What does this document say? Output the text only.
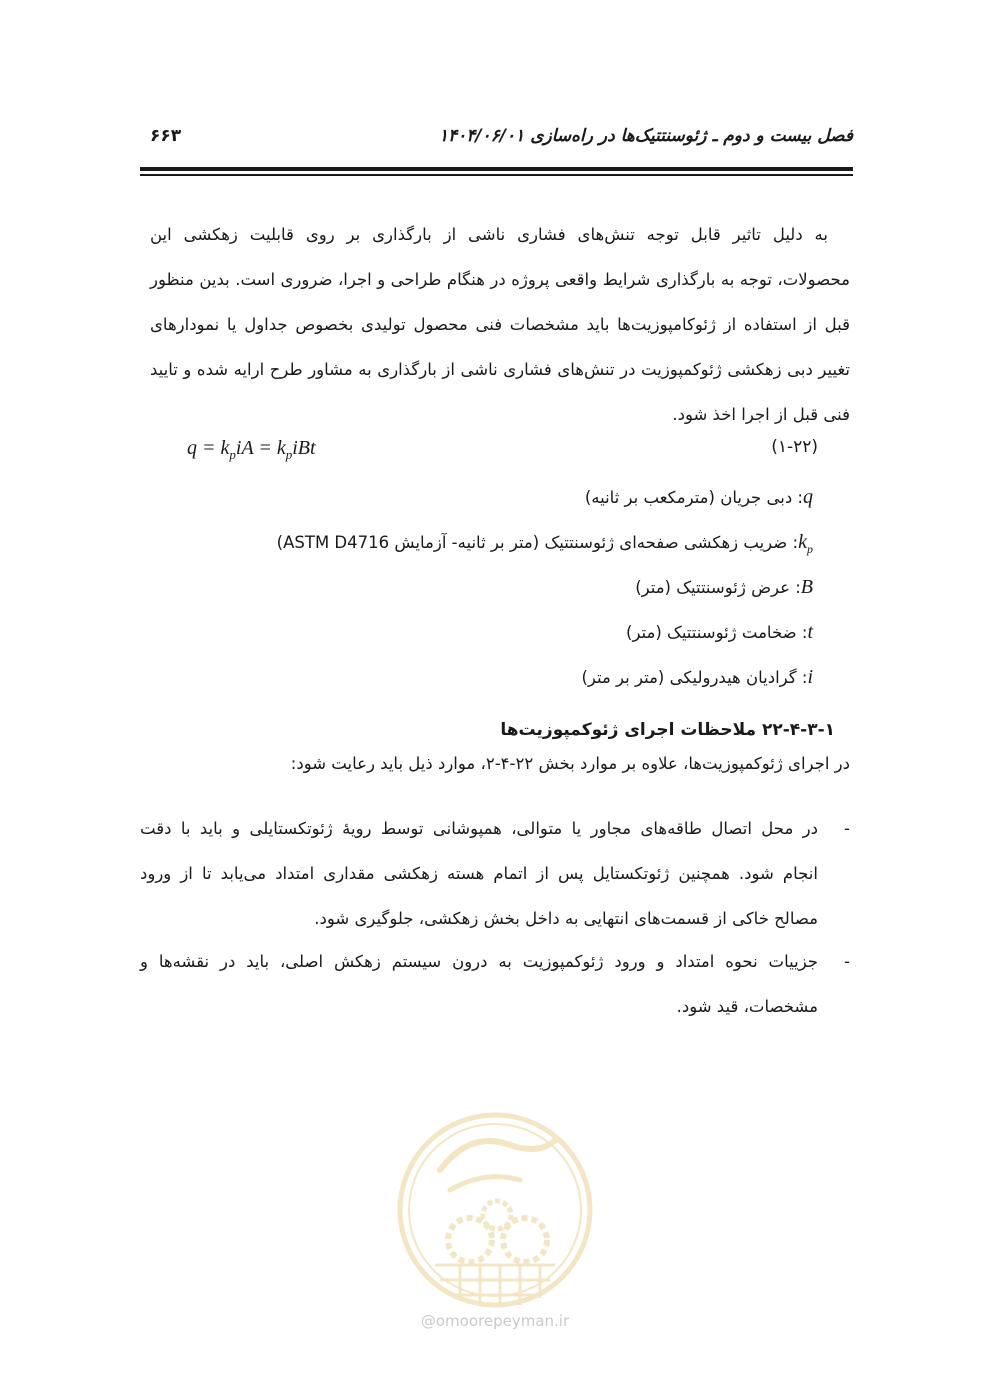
فصل بیست و دوم ـ ژئوسنتتیک‌ها در راه‌سازی ۱۴۰۴/۰۶/۰۱
۶۶۳
به دلیل تاثیر قابل توجه تنش‌های فشاری ناشی از بارگذاری بر روی قابلیت زهکشی این
محصولات، توجه به بارگذاری شرایط واقعی پروژه در هنگام طراحی و اجرا، ضروری است. بدین منظور
قبل از استفاده از ژئوکامپوزیت‌ها باید مشخصات فنی محصول تولیدی بخصوص جداول یا نمودارهای
تغییر دبی زهکشی ژئوکمپوزیت در تنش‌های فشاری ناشی از بارگذاری به مشاور طرح ارایه شده و تایید
فنی قبل از اجرا اخذ شود.
$q = k_piA = k_piBt$	(۱-۲۲)
q: دبی جریان (مترمکعب بر ثانیه)
$k_p$: ضریب زهکشی صفحه‌ای ژئوسنتتیک (متر بر ثانیه- آزمایش ASTM D4716)
B: عرض ژئوسنتتیک (متر)
t: ضخامت ژئوسنتتیک (متر)
i: گرادیان هیدرولیکی (متر بر متر)
۲۲-۴-۳-۱ ملاحظات اجرای ژئوکمپوزیت‌ها
در اجرای ژئوکمپوزیت‌ها، علاوه بر موارد بخش ۲۲-۴-۲، موارد ذیل باید رعایت شود:
-
در محل اتصال طاقه‌های مجاور یا متوالی، همپوشانی توسط رویهٔ ژئوتکستایلی و باید با دقت
انجام شود. همچنین ژئوتکستایل پس از اتمام هسته زهکشی مقداری امتداد می‌یابد تا از ورود
مصالح خاکی از قسمت‌های انتهایی به داخل بخش زهکشی، جلوگیری شود.
-
جزییات نحوه امتداد و ورود ژئوکمپوزیت به درون سیستم زهکش اصلی، باید در نقشه‌ها و
مشخصات، قید شود.
@omoorepeyman.ir
